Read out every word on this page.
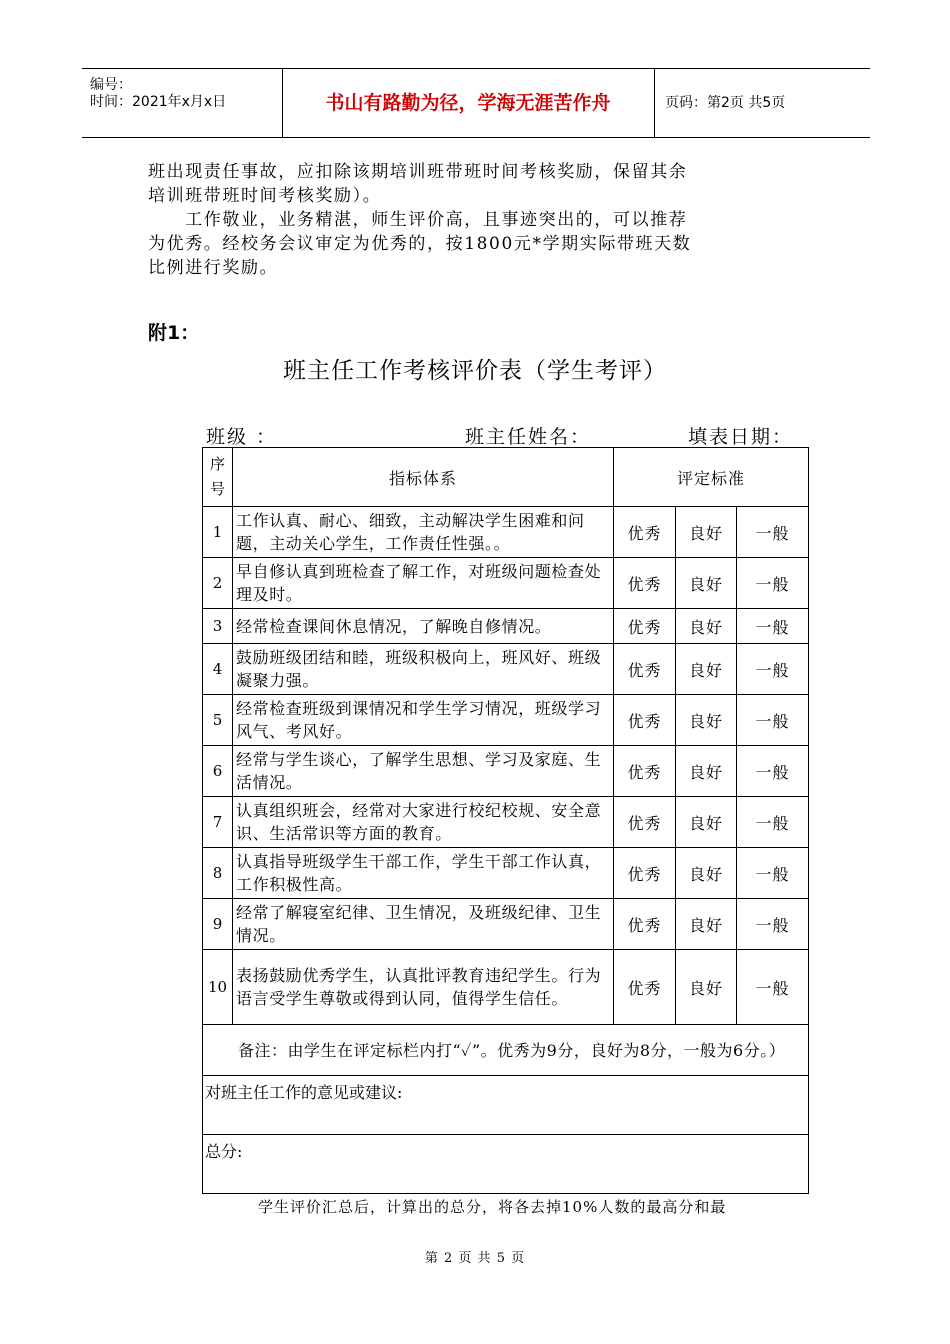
编号：
时间：2021年x月x日	书山有路勤为径，学海无涯苦作舟	页码：第2页 共5页
班出现责任事故，应扣除该期培训班带班时间考核奖励，保留其余
培训班带班时间考核奖励）。
　　工作敬业，业务精湛，师生评价高，且事迹突出的，可以推荐
为优秀。经校务会议审定为优秀的，按1800元*学期实际带班天数
比例进行奖励。
附1：
班主任工作考核评价表（学生考评）
班级 ：	班主任姓名：	填表日期：
序号	指标体系	评定标准		
1	工作认真、耐心、细致，主动解决学生困难和问题，主动关心学生，工作责任性强。。	优秀	良好	一般
2	早自修认真到班检查了解工作，对班级问题检查处理及时。	优秀	良好	一般
3	经常检查课间休息情况，了解晚自修情况。	优秀	良好	一般
4	鼓励班级团结和睦，班级积极向上，班风好、班级凝聚力强。	优秀	良好	一般
5	经常检查班级到课情况和学生学习情况，班级学习风气、考风好。	优秀	良好	一般
6	经常与学生谈心，了解学生思想、学习及家庭、生活情况。	优秀	良好	一般
7	认真组织班会，经常对大家进行校纪校规、安全意识、生活常识等方面的教育。	优秀	良好	一般
8	认真指导班级学生干部工作，学生干部工作认真，工作积极性高。	优秀	良好	一般
9	经常了解寝室纪律、卫生情况，及班级纪律、卫生情况。	优秀	良好	一般
10	表扬鼓励优秀学生，认真批评教育违纪学生。行为语言受学生尊敬或得到认同，值得学生信任。	优秀	良好	一般
　　备注：由学生在评定标栏内打“✓”。优秀为9分，良好为8分，一般为6分。）				
对班主任工作的意见或建议:				
总分:				
学生评价汇总后，计算出的总分，将各去掉10%人数的最高分和最
第 2 页 共 5 页
